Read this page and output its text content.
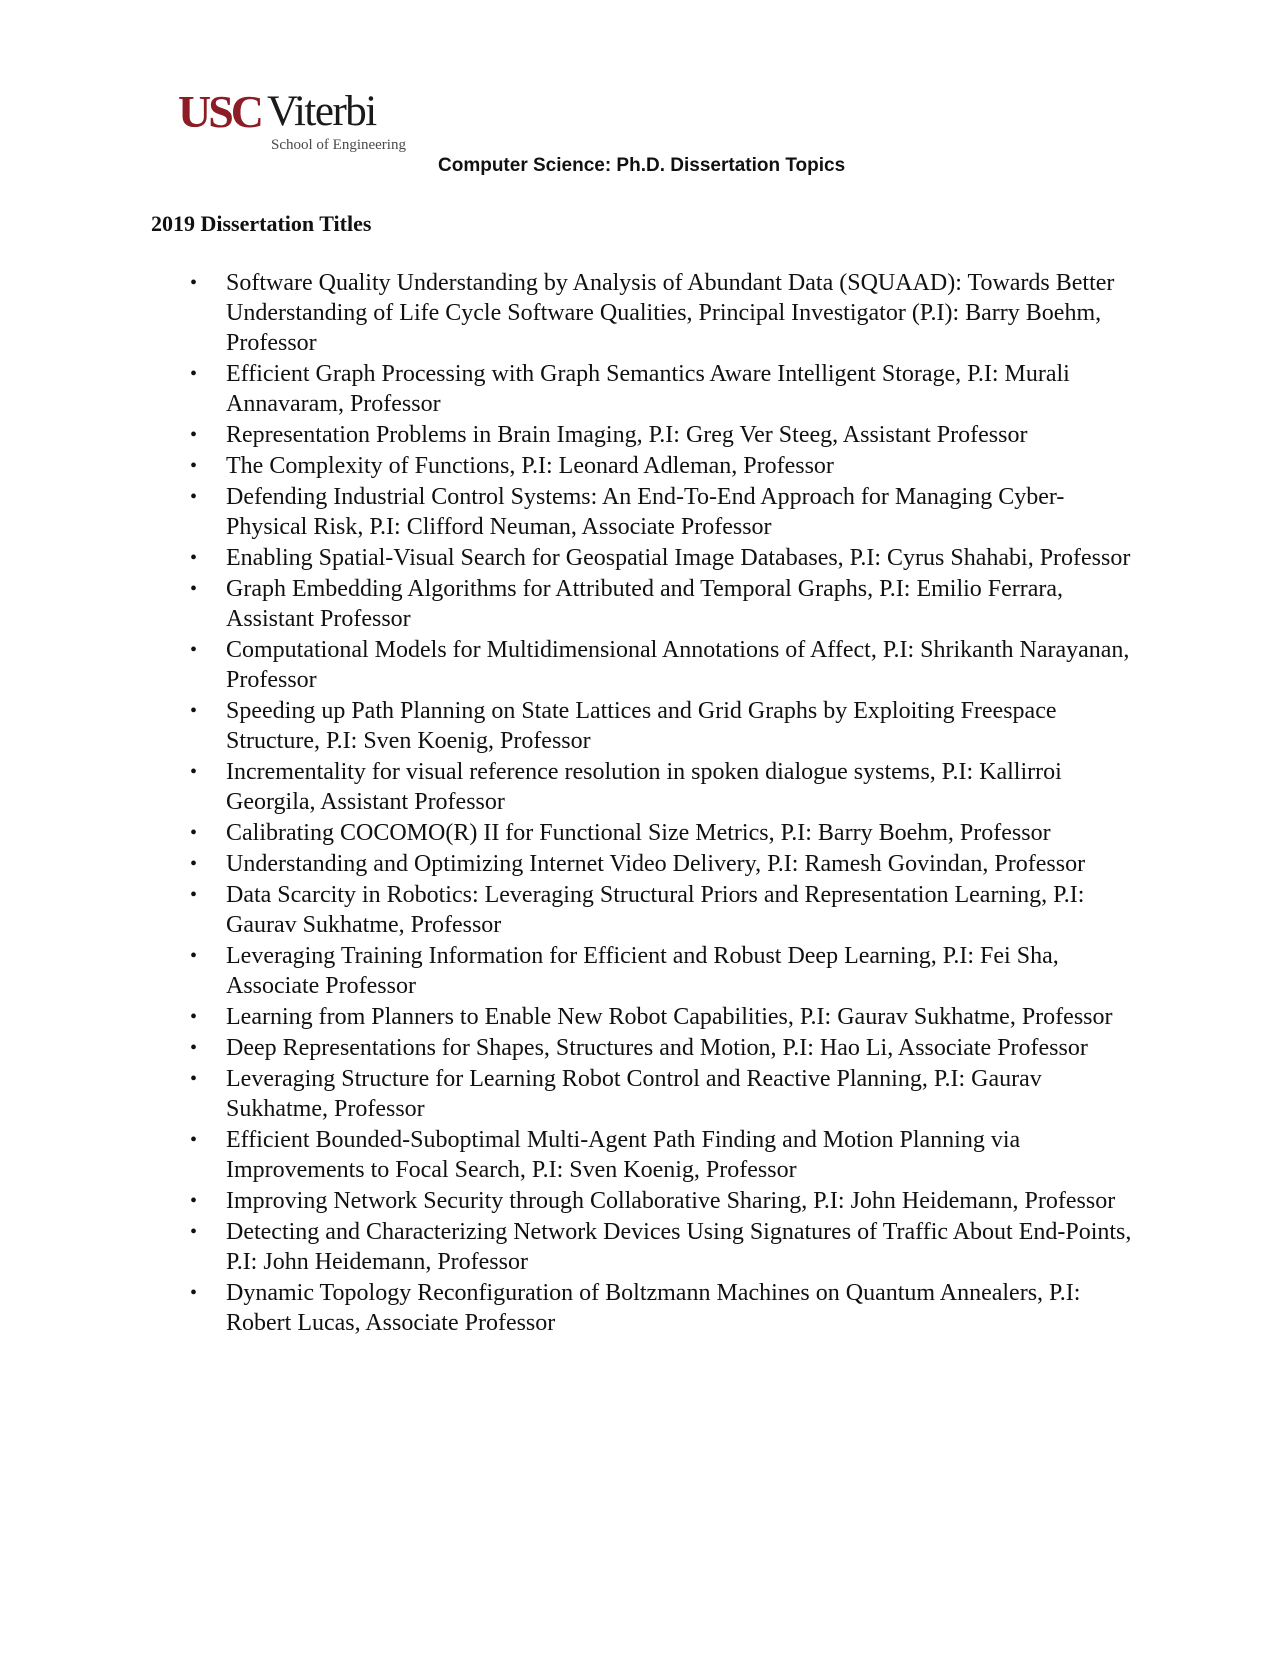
USC Viterbi
School of Engineering
Computer Science: Ph.D. Dissertation Topics
2019 Dissertation Titles
• Software Quality Understanding by Analysis of Abundant Data (SQUAAD): Towards Better Understanding of Life Cycle Software Qualities, Principal Investigator (P.I): Barry Boehm, Professor
• Efficient Graph Processing with Graph Semantics Aware Intelligent Storage, P.I: Murali Annavaram, Professor
• Representation Problems in Brain Imaging, P.I: Greg Ver Steeg, Assistant Professor
• The Complexity of Functions, P.I: Leonard Adleman, Professor
• Defending Industrial Control Systems: An End-To-End Approach for Managing Cyber-Physical Risk, P.I: Clifford Neuman, Associate Professor
• Enabling Spatial-Visual Search for Geospatial Image Databases, P.I: Cyrus Shahabi, Professor
• Graph Embedding Algorithms for Attributed and Temporal Graphs, P.I: Emilio Ferrara, Assistant Professor
• Computational Models for Multidimensional Annotations of Affect, P.I: Shrikanth Narayanan, Professor
• Speeding up Path Planning on State Lattices and Grid Graphs by Exploiting Freespace Structure, P.I: Sven Koenig, Professor
• Incrementality for visual reference resolution in spoken dialogue systems, P.I: Kallirroi Georgila, Assistant Professor
• Calibrating COCOMO(R) II for Functional Size Metrics, P.I: Barry Boehm, Professor
• Understanding and Optimizing Internet Video Delivery, P.I: Ramesh Govindan, Professor
• Data Scarcity in Robotics: Leveraging Structural Priors and Representation Learning, P.I: Gaurav Sukhatme, Professor
• Leveraging Training Information for Efficient and Robust Deep Learning, P.I: Fei Sha, Associate Professor
• Learning from Planners to Enable New Robot Capabilities, P.I: Gaurav Sukhatme, Professor
• Deep Representations for Shapes, Structures and Motion, P.I: Hao Li, Associate Professor
• Leveraging Structure for Learning Robot Control and Reactive Planning, P.I: Gaurav Sukhatme, Professor
• Efficient Bounded-Suboptimal Multi-Agent Path Finding and Motion Planning via Improvements to Focal Search, P.I: Sven Koenig, Professor
• Improving Network Security through Collaborative Sharing, P.I: John Heidemann, Professor
• Detecting and Characterizing Network Devices Using Signatures of Traffic About End-Points, P.I: John Heidemann, Professor
• Dynamic Topology Reconfiguration of Boltzmann Machines on Quantum Annealers, P.I: Robert Lucas, Associate Professor
